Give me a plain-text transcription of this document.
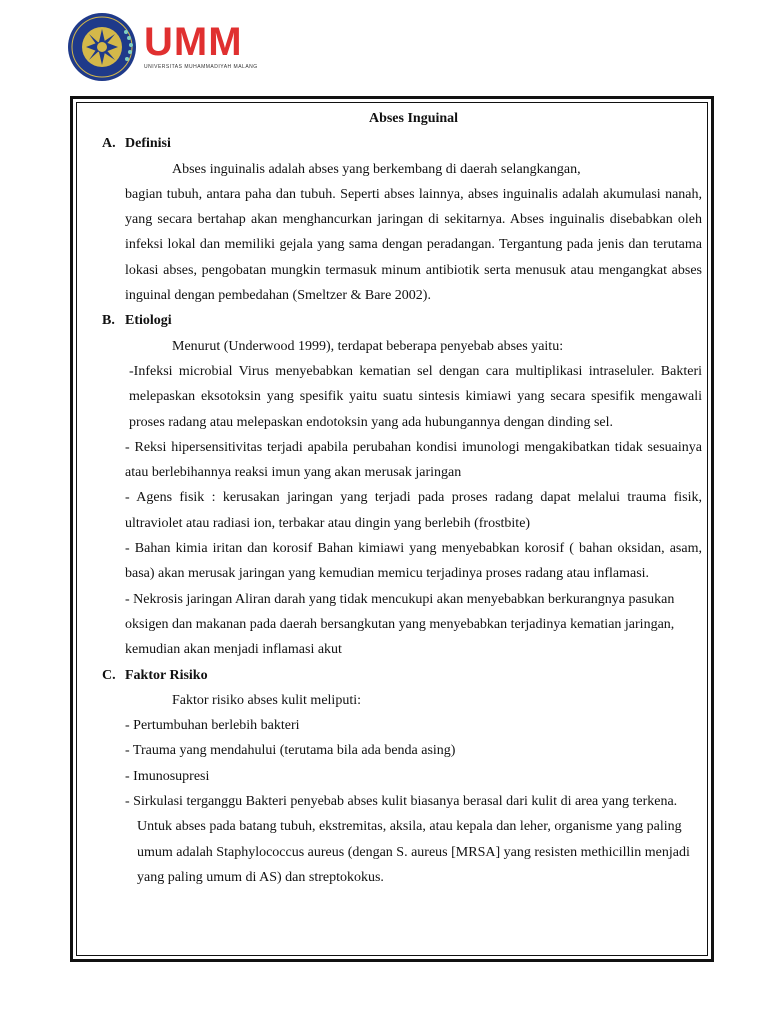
UMM
UNIVERSITAS MUHAMMADIYAH MALANG
Abses Inguinal
A. Definisi
Abses inguinalis adalah abses yang berkembang di daerah selangkangan,
bagian tubuh, antara paha dan tubuh. Seperti abses lainnya, abses inguinalis adalah akumulasi nanah, yang secara bertahap akan menghancurkan jaringan di sekitarnya. Abses inguinalis disebabkan oleh infeksi lokal dan memiliki gejala yang sama dengan peradangan. Tergantung pada jenis dan terutama lokasi abses, pengobatan mungkin termasuk minum antibiotik serta menusuk atau mengangkat abses inguinal dengan pembedahan (Smeltzer & Bare 2002).
B. Etiologi
Menurut (Underwood 1999), terdapat beberapa penyebab abses yaitu:
-Infeksi microbial Virus menyebabkan kematian sel dengan cara multiplikasi intraseluler. Bakteri melepaskan eksotoksin yang spesifik yaitu suatu sintesis kimiawi yang secara spesifik mengawali proses radang atau melepaskan endotoksin yang ada hubungannya dengan dinding sel.
- Reksi hipersensitivitas terjadi apabila perubahan kondisi imunologi mengakibatkan tidak sesuainya atau berlebihannya reaksi imun yang akan merusak jaringan
- Agens fisik : kerusakan jaringan yang terjadi pada proses radang dapat melalui trauma fisik, ultraviolet atau radiasi ion, terbakar atau dingin yang berlebih (frostbite)
- Bahan kimia iritan dan korosif Bahan kimiawi yang menyebabkan korosif ( bahan oksidan, asam, basa) akan merusak jaringan yang kemudian memicu terjadinya proses radang atau inflamasi.
- Nekrosis jaringan Aliran darah yang tidak mencukupi akan menyebabkan berkurangnya pasukan oksigen dan makanan pada daerah bersangkutan yang menyebabkan terjadinya kematian jaringan, kemudian akan menjadi inflamasi akut
C. Faktor Risiko
Faktor risiko abses kulit meliputi:
- Pertumbuhan berlebih bakteri
- Trauma yang mendahului (terutama bila ada benda asing)
- Imunosupresi
- Sirkulasi terganggu Bakteri penyebab abses kulit biasanya berasal dari kulit di area yang terkena. Untuk abses pada batang tubuh, ekstremitas, aksila, atau kepala dan leher, organisme yang paling umum adalah Staphylococcus aureus (dengan S. aureus [MRSA] yang resisten methicillin menjadi yang paling umum di AS) dan streptokokus.
